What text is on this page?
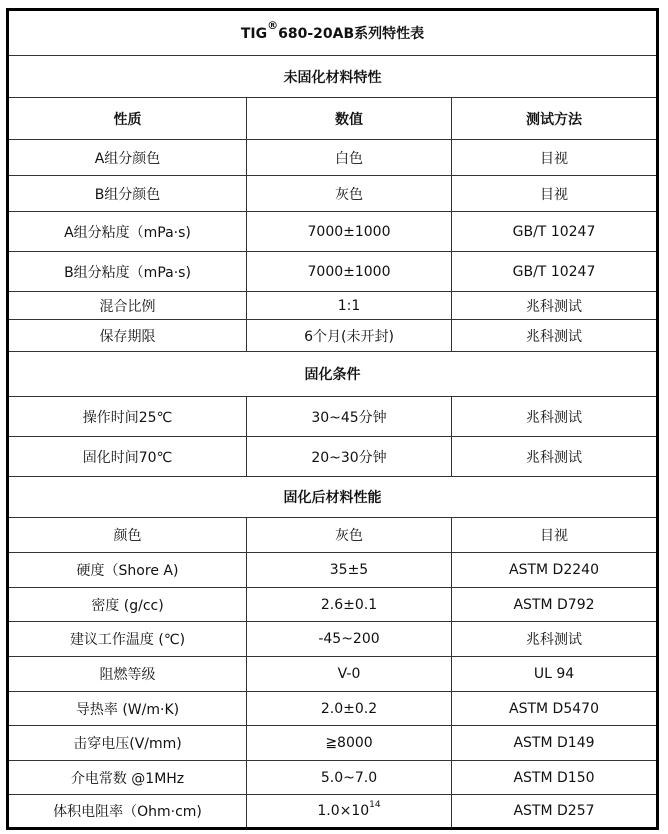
TIG®680-20AB系列特性表		
未固化材料特性		
性质	数值	测试方法
A组分颜色	白色	目视
B组分颜色	灰色	目视
A组分粘度（mPa·s)	7000±1000	GB/T 10247
B组分粘度（mPa·s)	7000±1000	GB/T 10247
混合比例	1:1	兆科测试
保存期限	6个月(未开封)	兆科测试
固化条件		
操作时间25℃	30~45分钟	兆科测试
固化时间70℃	20~30分钟	兆科测试
固化后材料性能		
颜色	灰色	目视
硬度（Shore A)	35±5	ASTM D2240
密度 (g/cc)	2.6±0.1	ASTM D792
建议工作温度 (℃)	-45~200	兆科测试
阻燃等级	V-0	UL 94
导热率 (W/m·K)	2.0±0.2	ASTM D5470
击穿电压(V/mm)	≧8000	ASTM D149
介电常数 @1MHz	5.0~7.0	ASTM D150
体积电阻率（Ohm·cm)	$1.0\times 10^{14}$	ASTM D257
